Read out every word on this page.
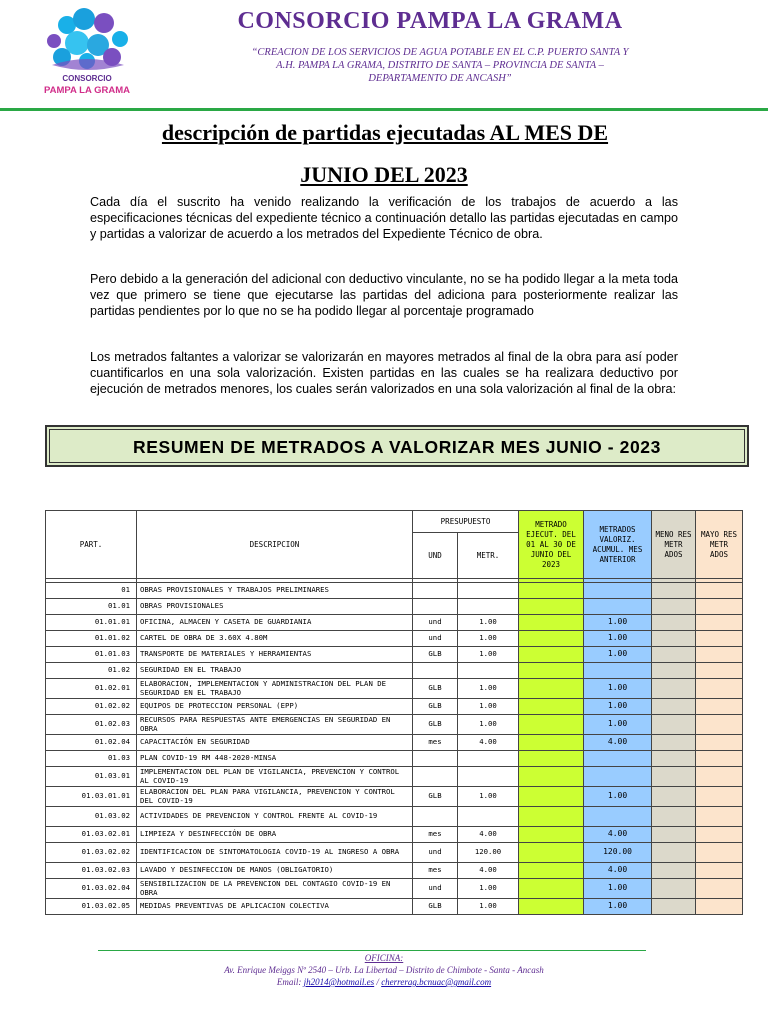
CONSORCIO
PAMPA LA GRAMA
CONSORCIO PAMPA LA GRAMA
“CREACION DE LOS SERVICIOS DE AGUA POTABLE EN EL C.P. PUERTO SANTA Y
A.H. PAMPA LA GRAMA, DISTRITO DE SANTA – PROVINCIA DE SANTA –
DEPARTAMENTO DE ANCASH”
descripción de partidas ejecutadas AL MES DE
JUNIO DEL 2023
Cada día el suscrito ha venido realizando la verificación de los trabajos de acuerdo a las especificaciones técnicas del expediente técnico a continuación detallo las partidas ejecutadas en campo y partidas a valorizar de acuerdo a los metrados del Expediente Técnico de obra.
Pero debido a la generación del adicional con deductivo vinculante, no se ha podido llegar a la meta toda vez que primero se tiene que ejecutarse las partidas del adiciona para posteriormente realizar las partidas pendientes por lo que no se ha podido llegar al porcentaje programado
Los metrados faltantes a valorizar se valorizarán en mayores metrados al final de la obra para así poder cuantificarlos en una sola valorización. Existen partidas en las cuales se ha realizara deductivo por ejecución de metrados menores, los cuales serán valorizados en una sola valorización al final de la obra:
RESUMEN DE METRADOS A VALORIZAR MES JUNIO - 2023
PART.	DESCRIPCION	PRESUPUESTO		METRADO EJECUT. DEL 01 AL 30 DE JUNIO DEL 2023	METRADOS VALORIZ. ACUMUL. MES ANTERIOR	MENO RES METR ADOS	MAYO RES METR ADOS
		UND	METR.				

01	OBRAS PROVISIONALES Y TRABAJOS PRELIMINARES						
01.01	OBRAS PROVISIONALES						
01.01.01	OFICINA, ALMACEN Y CASETA DE GUARDIANIA	und	1.00		1.00		
01.01.02	CARTEL DE OBRA DE 3.60X 4.80M	und	1.00		1.00		
01.01.03	TRANSPORTE DE MATERIALES Y HERRAMIENTAS	GLB	1.00		1.00		
01.02	SEGURIDAD EN EL TRABAJO						
01.02.01	ELABORACION, IMPLEMENTACION Y ADMINISTRACION DEL PLAN DE SEGURIDAD EN EL TRABAJO	GLB	1.00		1.00		
01.02.02	EQUIPOS DE PROTECCION PERSONAL (EPP)	GLB	1.00		1.00		
01.02.03	RECURSOS PARA RESPUESTAS ANTE EMERGENCIAS EN SEGURIDAD EN OBRA	GLB	1.00		1.00		
01.02.04	CAPACITACIÓN EN SEGURIDAD	mes	4.00		4.00		
01.03	PLAN COVID-19 RM 448-2020-MINSA						
01.03.01	IMPLEMENTACION DEL PLAN DE VIGILANCIA, PREVENCION Y CONTROL AL COVID-19						
01.03.01.01	ELABORACION DEL PLAN PARA VIGILANCIA, PREVENCION Y CONTROL DEL COVID-19	GLB	1.00		1.00		
01.03.02	ACTIVIDADES DE PREVENCION Y CONTROL FRENTE AL COVID-19						
01.03.02.01	LIMPIEZA Y DESINFECCIÓN DE OBRA	mes	4.00		4.00		
01.03.02.02	IDENTIFICACION DE SINTOMATOLOGIA COVID-19 AL INGRESO A OBRA	und	120.00		120.00		
01.03.02.03	LAVADO Y DESINFECCION DE MANOS (OBLIGATORIO)	mes	4.00		4.00		
01.03.02.04	SENSIBILIZACION DE LA PREVENCION DEL CONTAGIO COVID-19 EN OBRA	und	1.00		1.00		
01.03.02.05	MEDIDAS PREVENTIVAS DE APLICACION COLECTIVA	GLB	1.00		1.00		
OFICINA:
Av. Enrique Meiggs Nº 2540 – Urb. La Libertad – Distrito de Chimbote - Santa - Ancash
Email: jh2014@hotmail.es / cherrerag.bcnuac@gmail.com
